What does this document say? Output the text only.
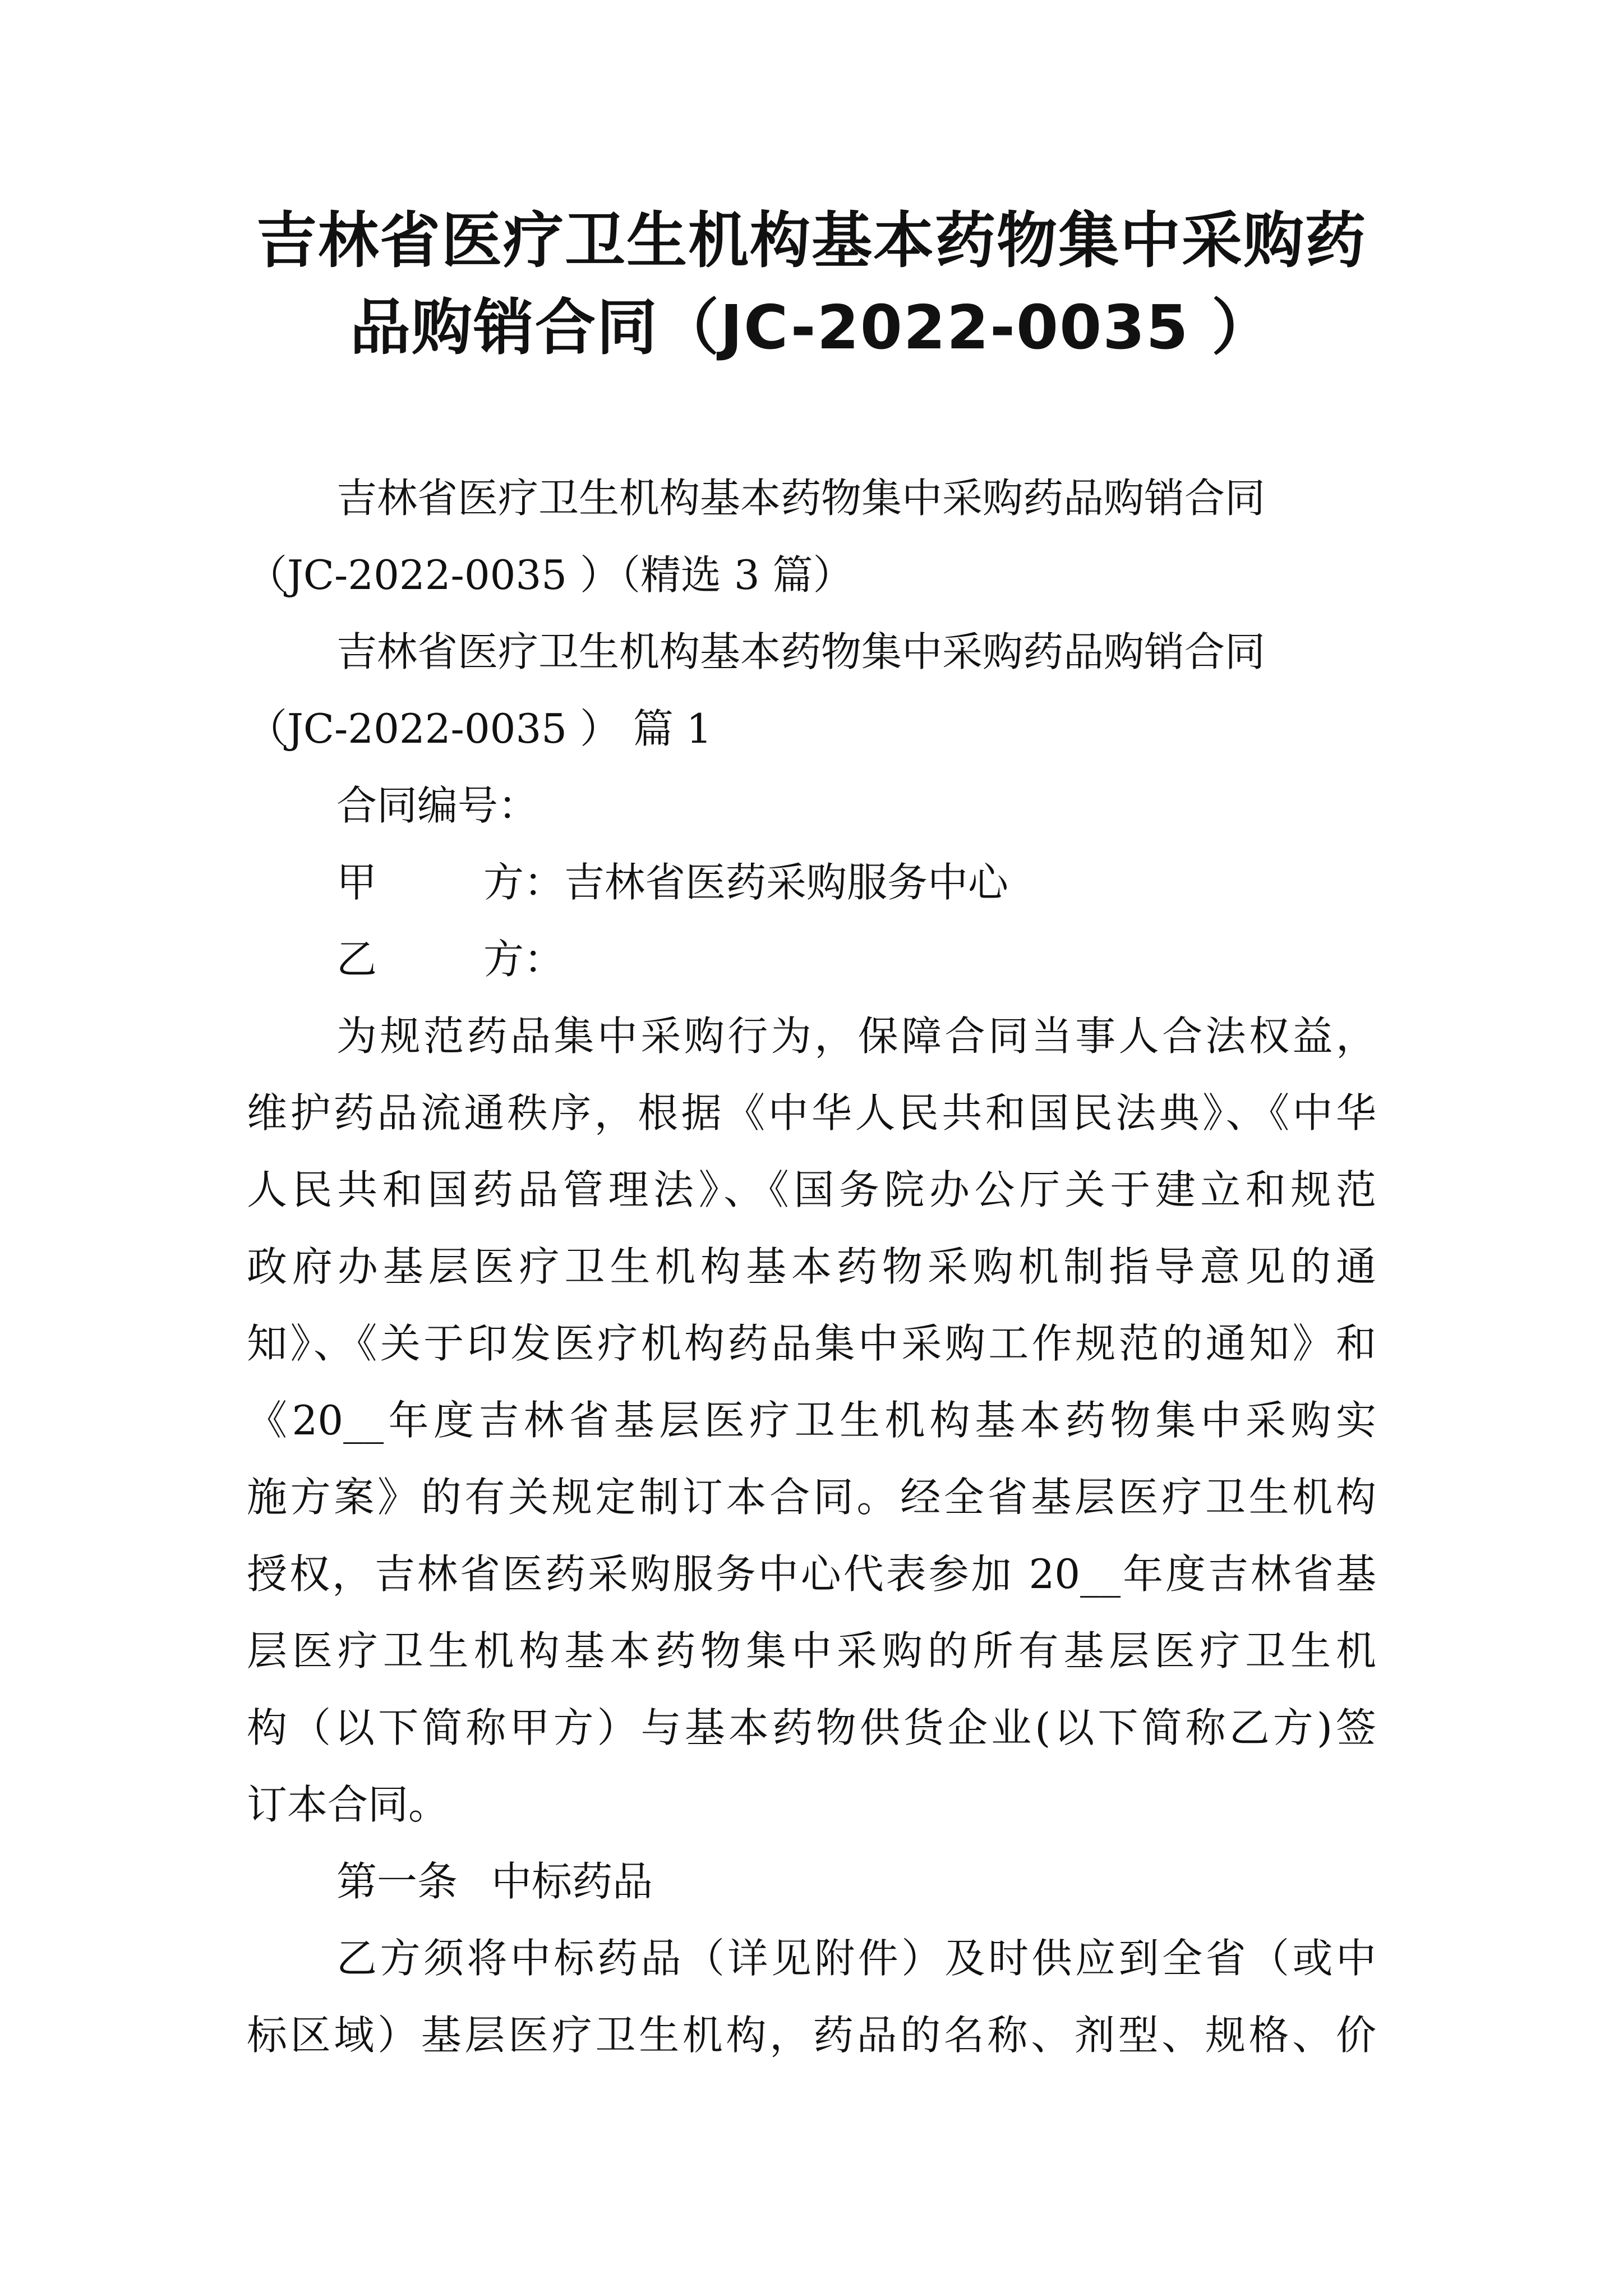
吉林省医疗卫生机构基本药物集中采购药
品购销合同（JC-2022-0035 ）

吉林省医疗卫生机构基本药物集中采购药品购销合同

（JC-2022-0035 ）（精选 3 篇）

吉林省医疗卫生机构基本药物集中采购药品购销合同

（JC-2022-0035 ） 篇 1

合同编号：

甲	方：吉林省医药采购服务中心

乙	方：

为规范药品集中采购行为，保障合同当事人合法权益，

维护药品流通秩序，根据《中华人民共和国民法典》、《中华

人民共和国药品管理法》、《国务院办公厅关于建立和规范

政府办基层医疗卫生机构基本药物采购机制指导意见的通

知》、《关于印发医疗机构药品集中采购工作规范的通知》和

《20__年度吉林省基层医疗卫生机构基本药物集中采购实

施方案》的有关规定制订本合同。经全省基层医疗卫生机构

授权，吉林省医药采购服务中心代表参加 20__年度吉林省基

层医疗卫生机构基本药物集中采购的所有基层医疗卫生机

构（以下简称甲方）与基本药物供货企业(以下简称乙方)签

订本合同。

第一条 中标药品

乙方须将中标药品（详见附件）及时供应到全省（或中

标区域）基层医疗卫生机构，药品的名称、剂型、规格、价
